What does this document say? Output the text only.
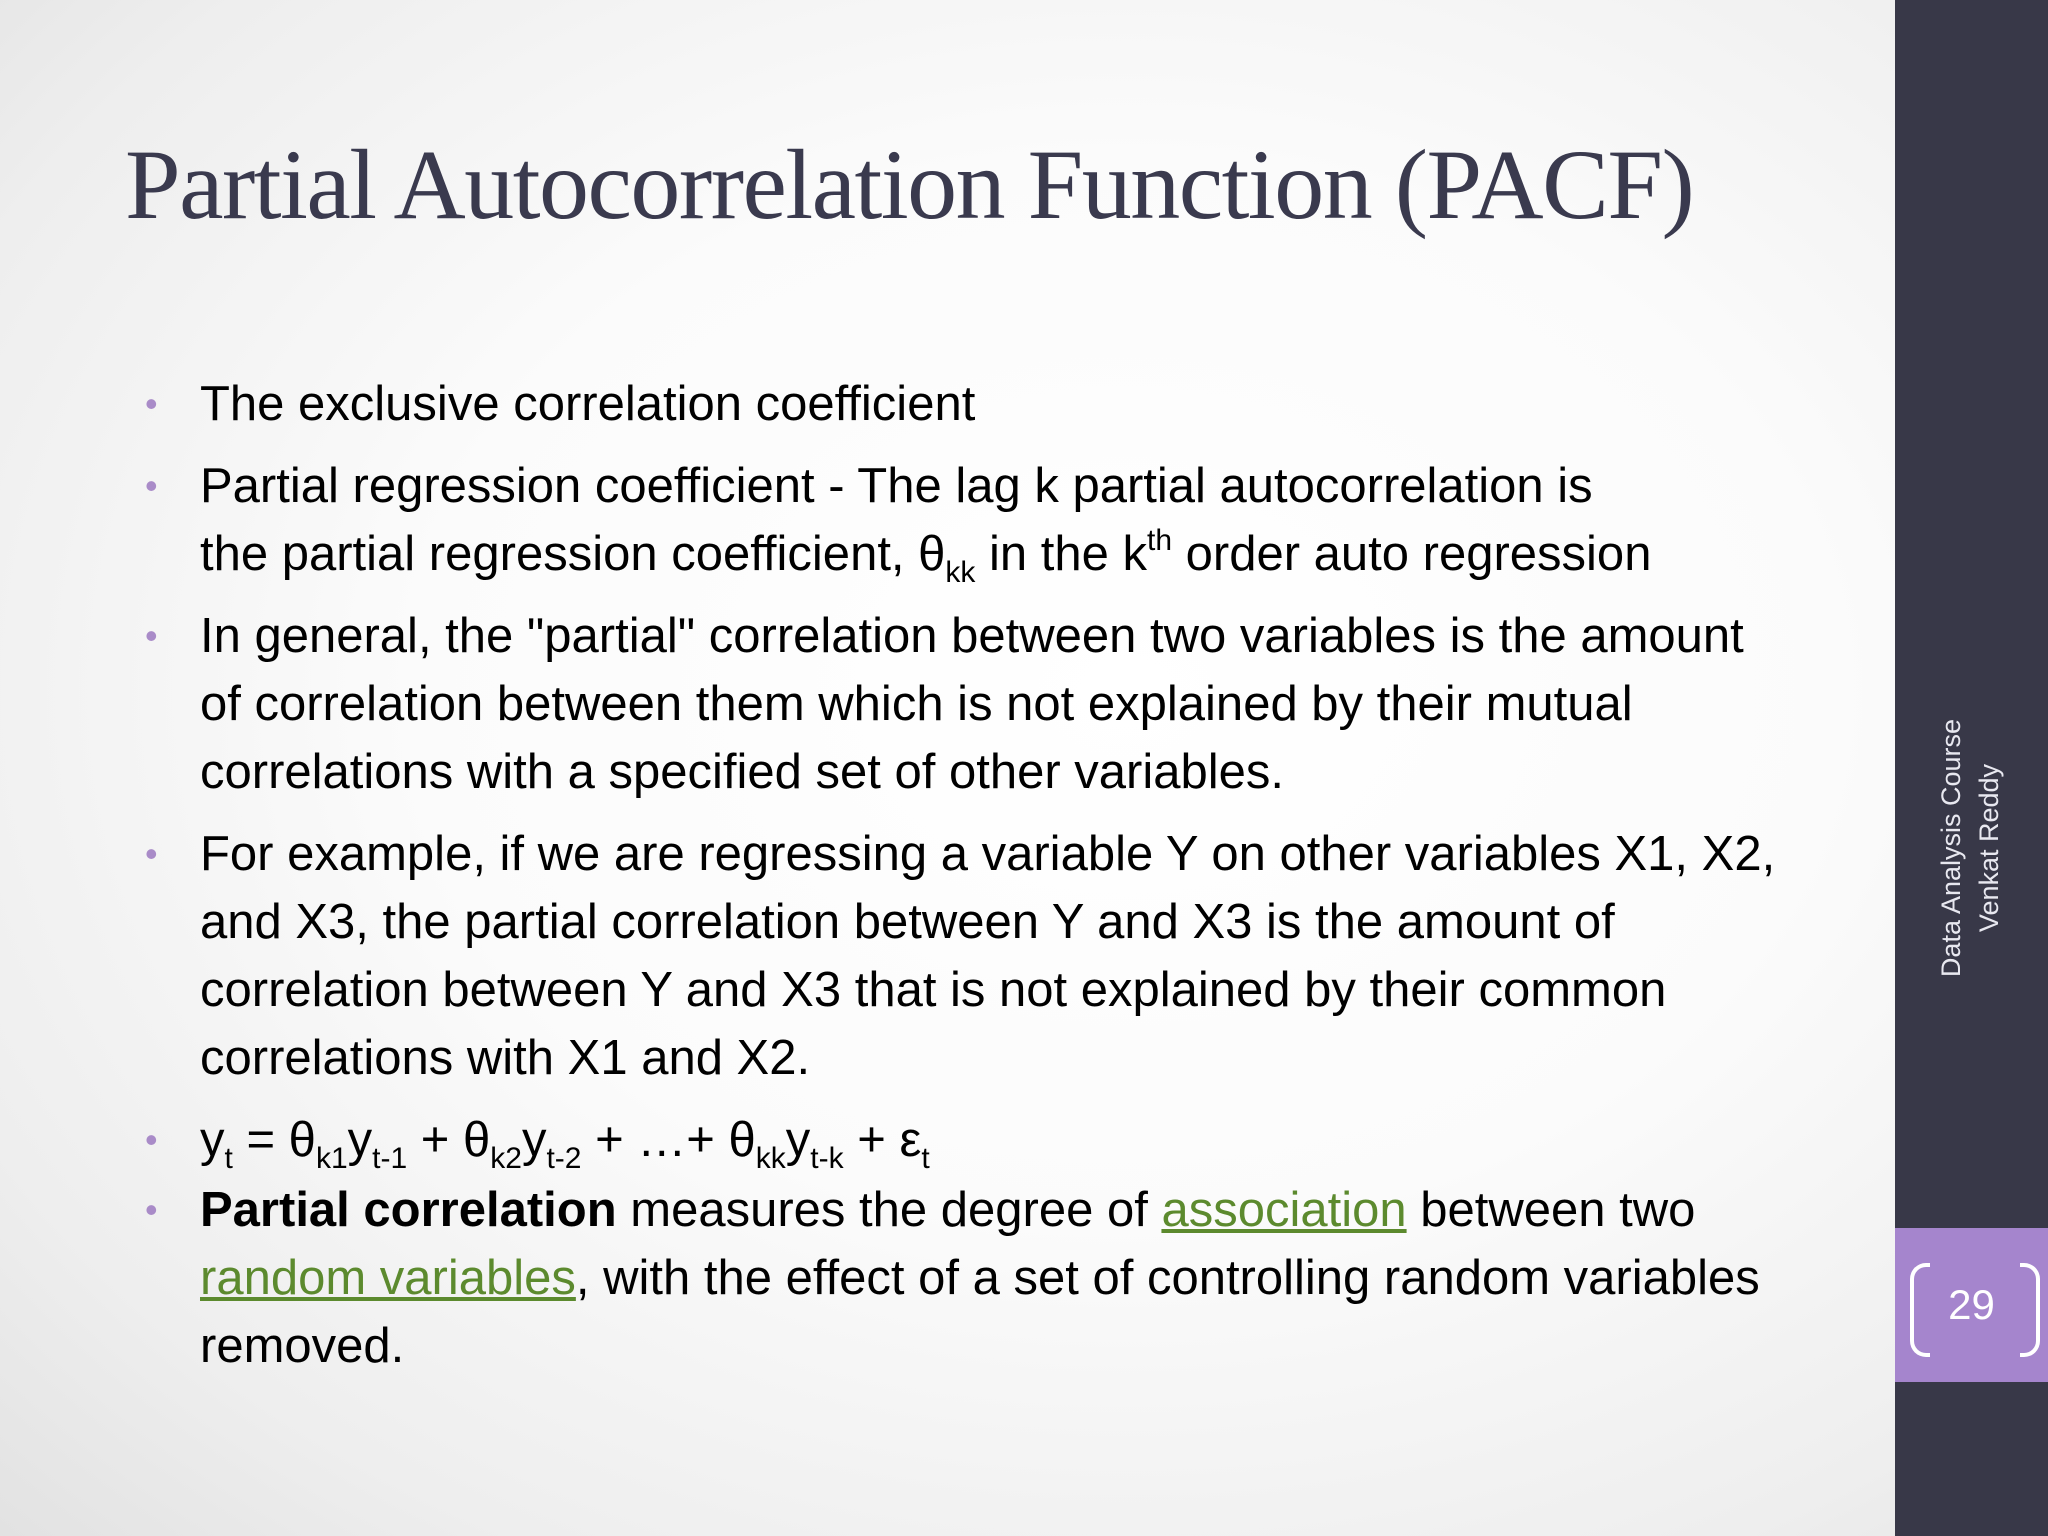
Partial Autocorrelation Function (PACF)
• The exclusive correlation coefficient
• Partial regression coefficient - The lag k partial autocorrelation is
the partial regression coefficient, $\theta_{kk}$ in the $k^{th}$ order auto regression
• In general, the "partial" correlation between two variables is the amount of correlation between them which is not explained by their mutual correlations with a specified set of other variables.
• For example, if we are regressing a variable Y on other variables X1, X2, and X3, the partial correlation between Y and X3 is the amount of correlation between Y and X3 that is not explained by their common correlations with X1 and X2.
• $y_t = \theta_{k1}y_{t-1} + \theta_{k2}y_{t-2}$ + …+ $\theta_{kk}y_{t-k} + \varepsilon_t$
• Partial correlation measures the degree of association between two random variables, with the effect of a set of controlling random variables removed.
Data Analysis Course Venkat Reddy
29
